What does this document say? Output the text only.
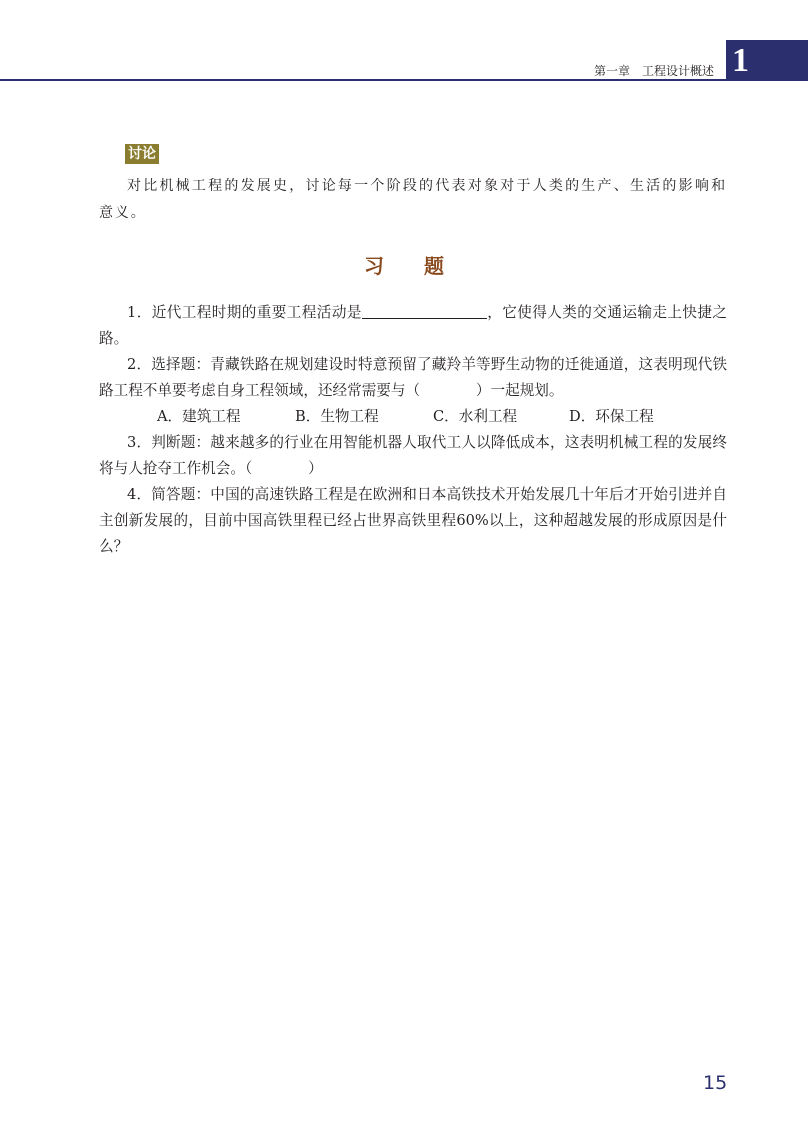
第一章 工程设计概述 1
讨论
对比机械工程的发展史，讨论每一个阶段的代表对象对于人类的生产、生活的影响和意义。
习题

1．近代工程时期的重要工程活动是	，它使得人类的交通运输走上快捷之路。

2．选择题：青藏铁路在规划建设时特意预留了藏羚羊等野生动物的迁徙通道，这表明现代铁路工程不单要考虑自身工程领域，还经常需要与（	）一起规划。

A．建筑工程	B．生物工程	C．水利工程	D．环保工程

3．判断题：越来越多的行业在用智能机器人取代工人以降低成本，这表明机械工程的发展终将与人抢夺工作机会。（	）

4．简答题：中国的高速铁路工程是在欧洲和日本高铁技术开始发展几十年后才开始引进并自主创新发展的，目前中国高铁里程已经占世界高铁里程60%以上，这种超越发展的形成原因是什么？

15
